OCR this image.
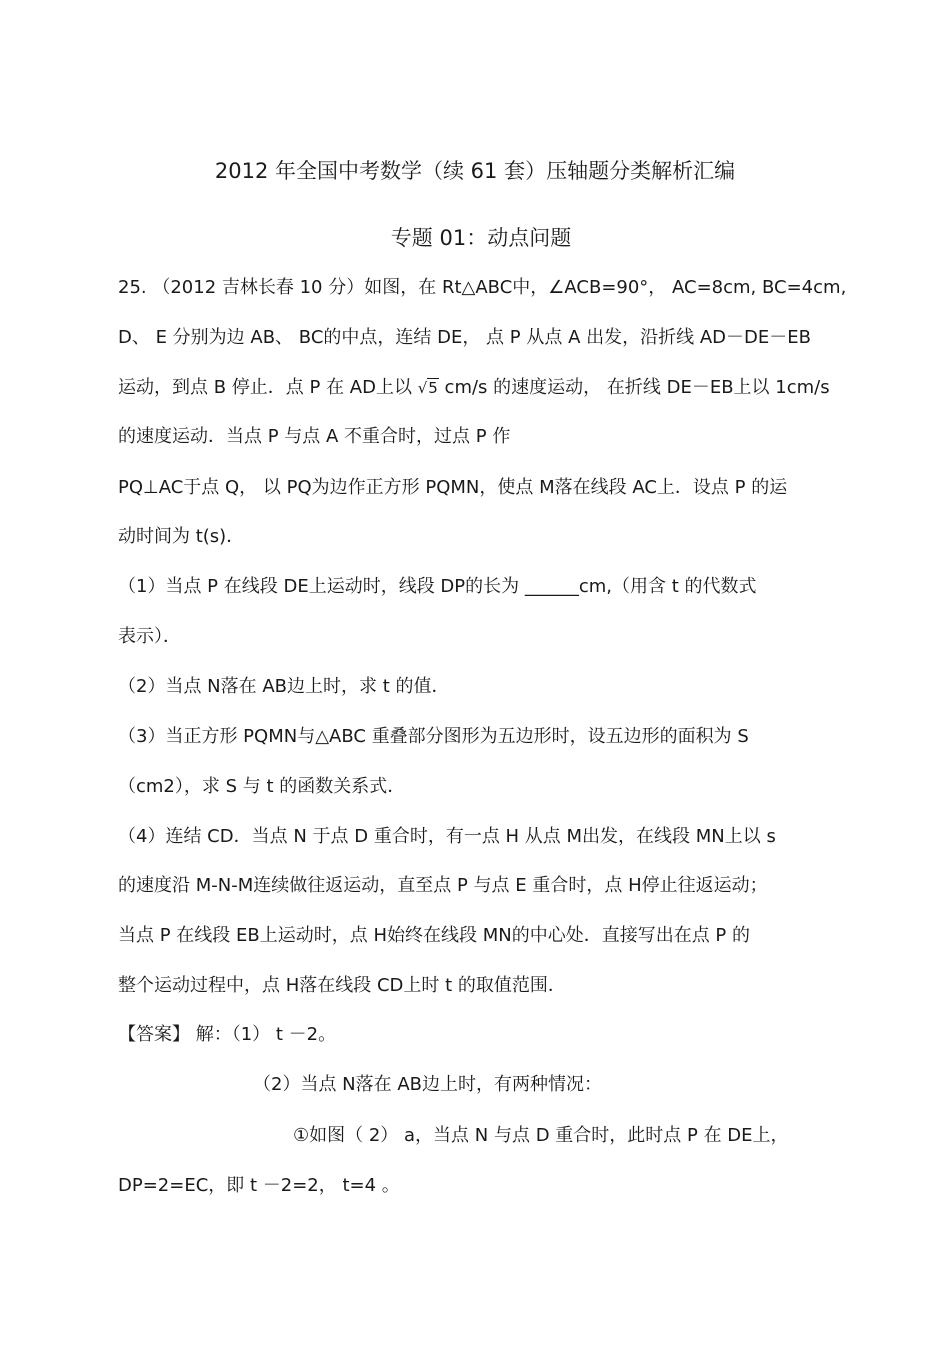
2012 年全国中考数学（续 61 套）压轴题分类解析汇编
专题 01：动点问题
25. （2012 吉林长春 10 分）如图，在 Rt△ABC中，∠ACB=90°， AC=8cm, BC=4cm,
D、 E 分别为边 AB、 BC的中点，连结 DE， 点 P 从点 A 出发，沿折线 AD－DE－EB
运动，到点 B 停止．点 P 在 AD上以 √5 cm/s 的速度运动， 在折线 DE－EB上以 1cm/s
的速度运动．当点 P 与点 A 不重合时，过点 P 作
PQ⊥AC于点 Q， 以 PQ为边作正方形 PQMN，使点 M落在线段 AC上．设点 P 的运
动时间为 t(s)．
（1）当点 P 在线段 DE上运动时，线段 DP的长为 ______cm,（用含 t 的代数式
表示）．
（2）当点 N落在 AB边上时，求 t 的值．
（3）当正方形 PQMN与△ABC 重叠部分图形为五边形时，设五边形的面积为 S
（cm2），求 S 与 t 的函数关系式．
（4）连结 CD．当点 N 于点 D 重合时，有一点 H 从点 M出发，在线段 MN上以 s
的速度沿 M-N-M连续做往返运动，直至点 P 与点 E 重合时，点 H停止往返运动；
当点 P 在线段 EB上运动时，点 H始终在线段 MN的中心处．直接写出在点 P 的
整个运动过程中，点 H落在线段 CD上时 t 的取值范围．
【答案】 解：（1） t －2。
（2）当点 N落在 AB边上时，有两种情况：
①如图（ 2） a，当点 N 与点 D 重合时，此时点 P 在 DE上，
DP=2=EC，即 t －2=2， t=4 。
